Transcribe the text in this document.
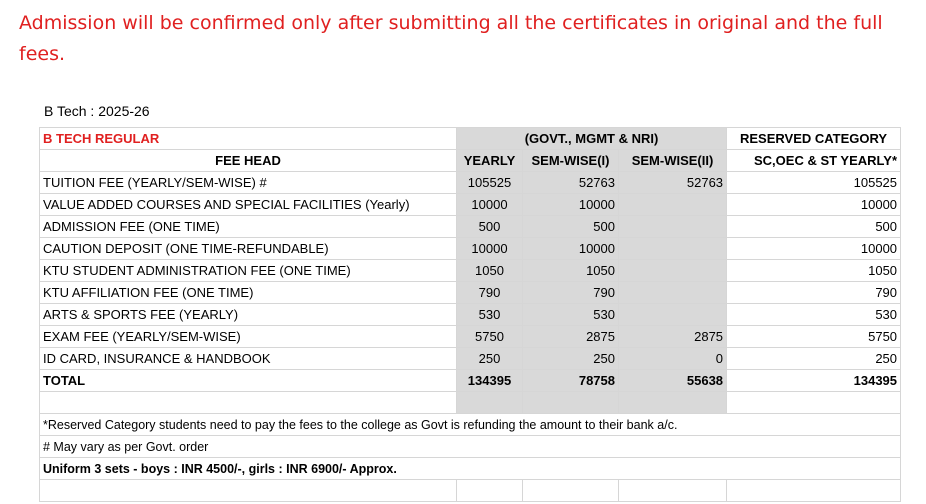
Admission will be confirmed only after submitting all the certificates in original and the full fees.
B Tech : 2025-26
B TECH REGULAR	(GOVT., MGMT & NRI)			RESERVED CATEGORY
FEE HEAD	YEARLY	SEM-WISE(I)	SEM-WISE(II)	SC,OEC & ST YEARLY*
TUITION FEE (YEARLY/SEM-WISE) #	105525	52763	52763	105525
VALUE ADDED COURSES AND SPECIAL FACILITIES (Yearly)	10000	10000		10000
ADMISSION FEE (ONE TIME)	500	500		500
CAUTION DEPOSIT (ONE TIME-REFUNDABLE)	10000	10000		10000
KTU STUDENT ADMINISTRATION FEE (ONE TIME)	1050	1050		1050
KTU AFFILIATION FEE (ONE TIME)	790	790		790
ARTS & SPORTS FEE (YEARLY)	530	530		530
EXAM FEE (YEARLY/SEM-WISE)	5750	2875	2875	5750
ID CARD, INSURANCE & HANDBOOK	250	250	0	250
TOTAL	134395	78758	55638	134395

*Reserved Category students need to pay the fees to the college as Govt is refunding the amount to their bank a/c.				
# May vary as per Govt. order				
Uniform 3 sets - boys : INR 4500/-, girls : INR 6900/- Approx.				
